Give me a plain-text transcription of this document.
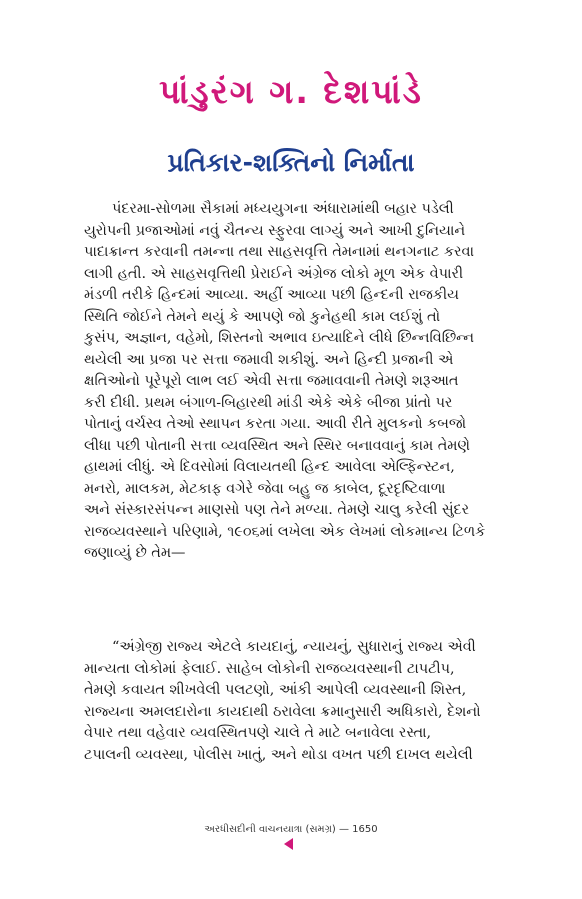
પાંડુરંગ ગ. દેશપાંડે
પ્રતિકાર-શક્તિનો નિર્માતા
પંદરમા-સોળમા સૈકામાં મધ્યયુગના અંધારામાંથી બહાર પડેલી
યુરોપની પ્રજાઓમાં નવું ચૈતન્ય સ્ફુરવા લાગ્યું અને આખી દુનિયાને
પાદાક્રાન્ત કરવાની તમન્ના તથા સાહસવૃત્તિ તેમનામાં થનગનાટ કરવા
લાગી હતી. એ સાહસવૃત્તિથી પ્રેરાઈને અંગ્રેજ લોકો મૂળ એક વેપારી
મંડળી તરીકે હિન્દમાં આવ્યા. અહીં આવ્યા પછી હિન્દની રાજકીય
સ્થિતિ જોઈને તેમને થયું કે આપણે જો કુનેહથી કામ લઈશું તો
કુસંપ, અજ્ઞાન, વહેમો, શિસ્તનો અભાવ ઇત્યાદિને લીધે છિન્નવિછિન્ન
થયેલી આ પ્રજા પર સત્તા જમાવી શકીશું. અને હિન્દી પ્રજાની એ
ક્ષતિઓનો પૂરેપૂરો લાભ લઈ એવી સત્તા જમાવવાની તેમણે શરૂઆત
કરી દીધી. પ્રથમ બંગાળ-બિહારથી માંડી એકે એકે બીજા પ્રાંતો પર
પોતાનું વર્ચસ્વ તેઓ સ્થાપન કરતા ગયા. આવી રીતે મુલકનો કબજો
લીધા પછી પોતાની સત્તા વ્યવસ્થિત અને સ્થિર બનાવવાનું કામ તેમણે
હાથમાં લીધું. એ દિવસોમાં વિલાયતથી હિન્દ આવેલા એલ્ફિન્સ્ટન,
મનરો, માલકમ, મેટકાફ વગેરે જેવા બહુ જ કાબેલ, દૂરદૃષ્ટિવાળા
અને સંસ્કારસંપન્ન માણસો પણ તેને મળ્યા. તેમણે ચાલુ કરેલી સુંદર
રાજવ્યવસ્થાને પરિણામે, ૧૯૦૬માં લખેલા એક લેખમાં લોકમાન્ય ટિળકે
જણાવ્યું છે તેમ—
“અંગ્રેજી રાજ્ય એટલે કાયદાનું, ન્યાયનું, સુધારાનું રાજ્ય એવી
માન્યતા લોકોમાં ફેલાઈ. સાહેબ લોકોની રાજવ્યવસ્થાની ટાપટીપ,
તેમણે કવાયત શીખવેલી પલટણો, આંકી આપેલી વ્યવસ્થાની શિસ્ત,
રાજ્યના અમલદારોના કાયદાથી ઠરાવેલા ક્રમાનુસારી અધિકારો, દેશનો
વેપાર તથા વહેવાર વ્યવસ્થિતપણે ચાલે તે માટે બનાવેલા રસ્તા,
ટપાલની વ્યવસ્થા, પોલીસ ખાતું, અને થોડા વખત પછી દાખલ થયેલી
અરધીસદીની વાચનયાત્રા (સમગ્ર) — 1650
